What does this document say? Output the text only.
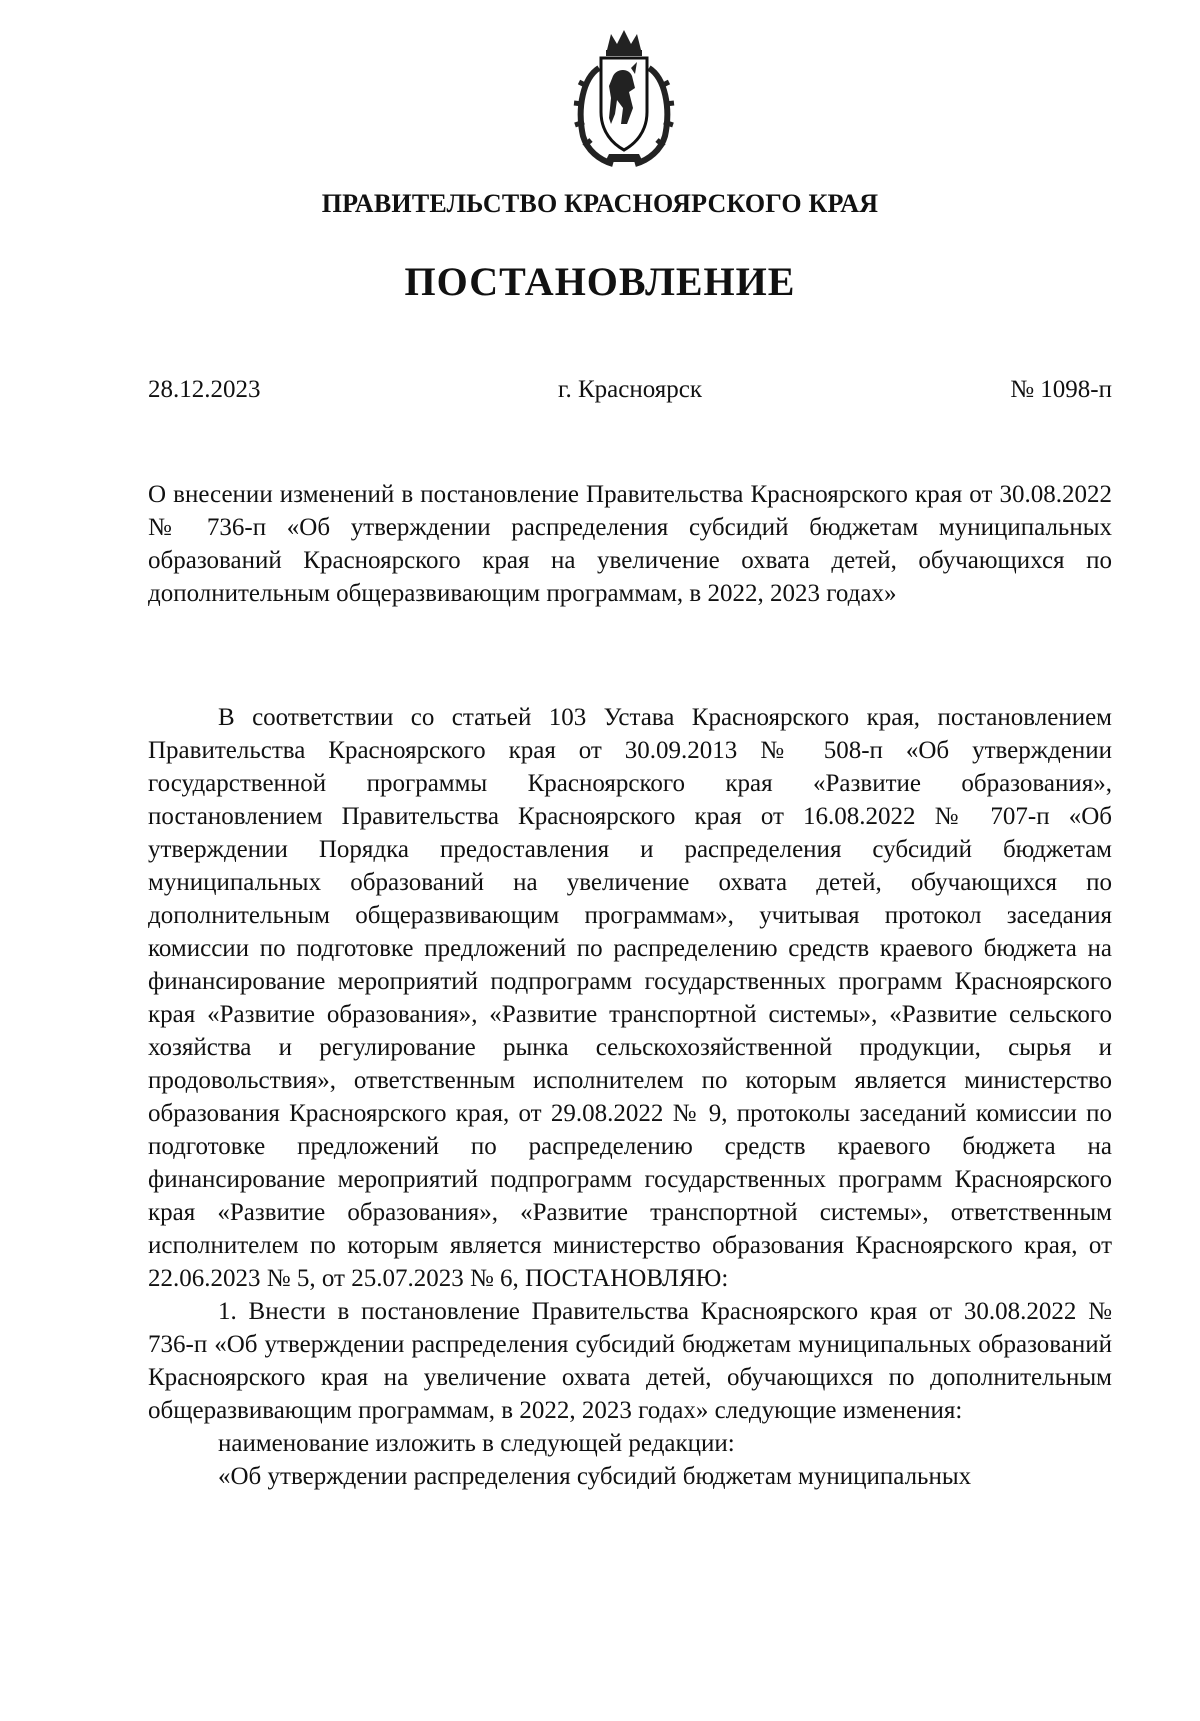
ПРАВИТЕЛЬСТВО КРАСНОЯРСКОГО КРАЯ
ПОСТАНОВЛЕНИЕ
28.12.2023	г. Красноярск	№ 1098-п

О внесении изменений в постановление Правительства Красноярского края от 30.08.2022 № 736-п «Об утверждении распределения субсидий бюджетам муниципальных образований Красноярского края на увеличение охвата детей, обучающихся по дополнительным общеразвивающим программам, в 2022, 2023 годах»

В соответствии со статьей 103 Устава Красноярского края, постановлением Правительства Красноярского края от 30.09.2013 № 508-п «Об утверждении государственной программы Красноярского края «Развитие образования», постановлением Правительства Красноярского края от 16.08.2022 № 707-п «Об утверждении Порядка предоставления и распределения субсидий бюджетам муниципальных образований на увеличение охвата детей, обучающихся по дополнительным общеразвивающим программам», учитывая протокол заседания комиссии по подготовке предложений по распределению средств краевого бюджета на финансирование мероприятий подпрограмм государственных программ Красноярского края «Развитие образования», «Развитие транспортной системы», «Развитие сельского хозяйства и регулирование рынка сельскохозяйственной продукции, сырья и продовольствия», ответственным исполнителем по которым является министерство образования Красноярского края, от 29.08.2022 № 9, протоколы заседаний комиссии по подготовке предложений по распределению средств краевого бюджета на финансирование мероприятий подпрограмм государственных программ Красноярского края «Развитие образования», «Развитие транспортной системы», ответственным исполнителем по которым является министерство образования Красноярского края, от 22.06.2023 № 5, от 25.07.2023 № 6, ПОСТАНОВЛЯЮ:

1. Внести в постановление Правительства Красноярского края от 30.08.2022 № 736-п «Об утверждении распределения субсидий бюджетам муниципальных образований Красноярского края на увеличение охвата детей, обучающихся по дополнительным общеразвивающим программам, в 2022, 2023 годах» следующие изменения:

наименование изложить в следующей редакции:

«Об утверждении распределения субсидий бюджетам муниципальных
